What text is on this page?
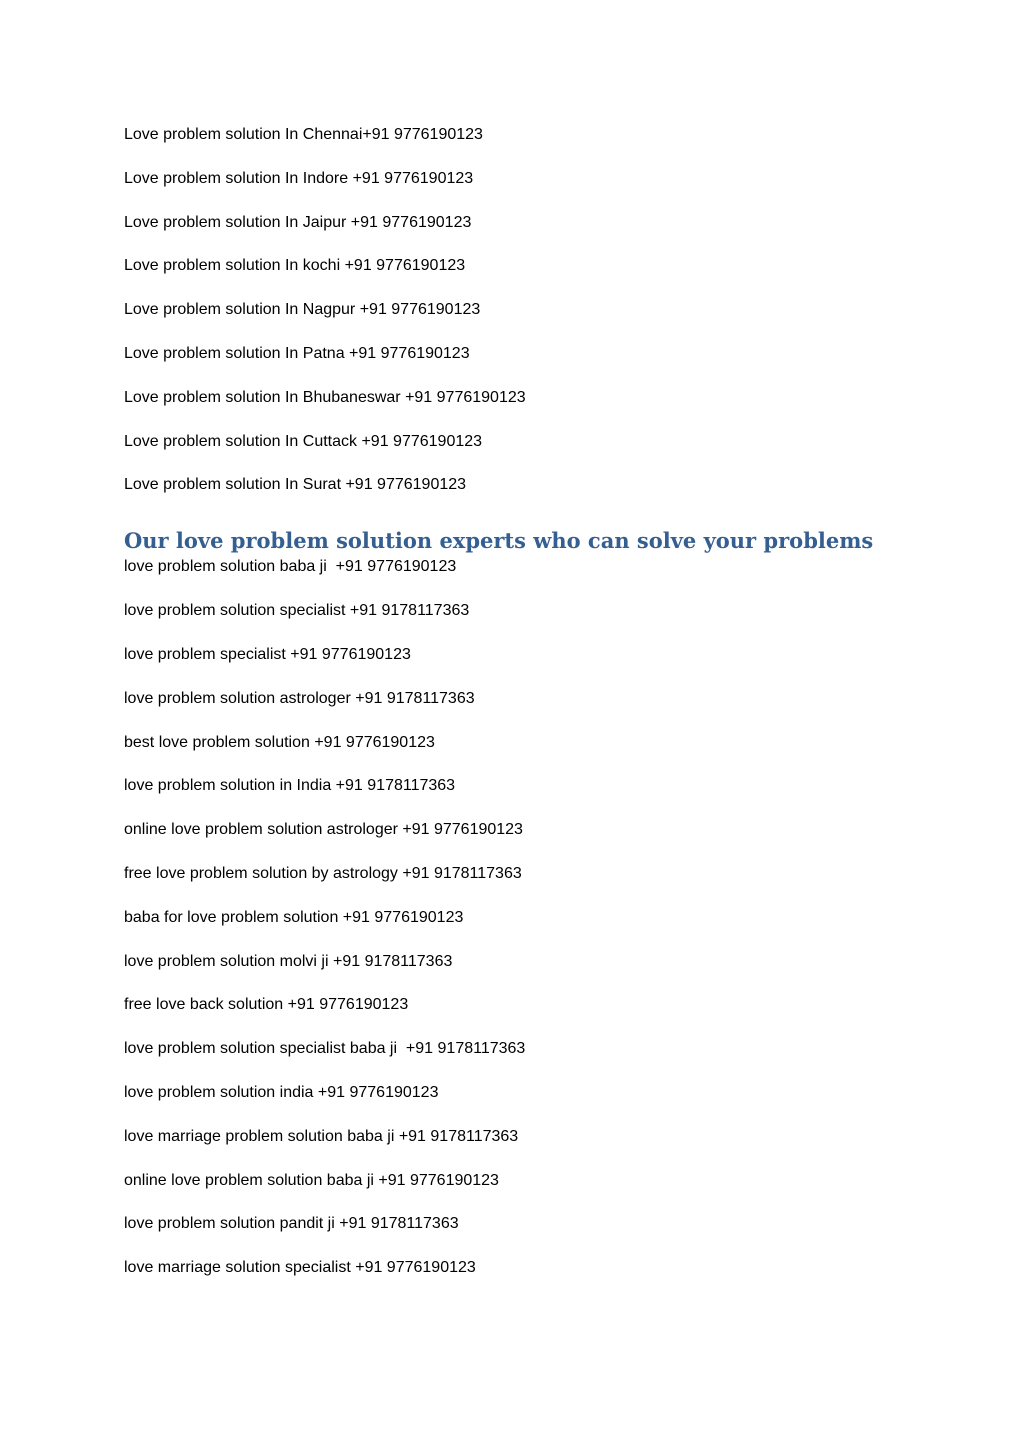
Love problem solution In Chennai+91 9776190123

Love problem solution In Indore +91 9776190123

Love problem solution In Jaipur +91 9776190123

Love problem solution In kochi +91 9776190123

Love problem solution In Nagpur +91 9776190123

Love problem solution In Patna +91 9776190123

Love problem solution In Bhubaneswar +91 9776190123

Love problem solution In Cuttack +91 9776190123

Love problem solution In Surat +91 9776190123

Our love problem solution experts who can solve your problems

love problem solution baba ji  +91 9776190123

love problem solution specialist +91 9178117363

love problem specialist +91 9776190123

love problem solution astrologer +91 9178117363

best love problem solution +91 9776190123

love problem solution in India +91 9178117363

online love problem solution astrologer +91 9776190123

free love problem solution by astrology +91 9178117363

baba for love problem solution +91 9776190123

love problem solution molvi ji +91 9178117363

free love back solution +91 9776190123

love problem solution specialist baba ji  +91 9178117363

love problem solution india +91 9776190123

love marriage problem solution baba ji +91 9178117363

online love problem solution baba ji +91 9776190123

love problem solution pandit ji +91 9178117363

love marriage solution specialist +91 9776190123
